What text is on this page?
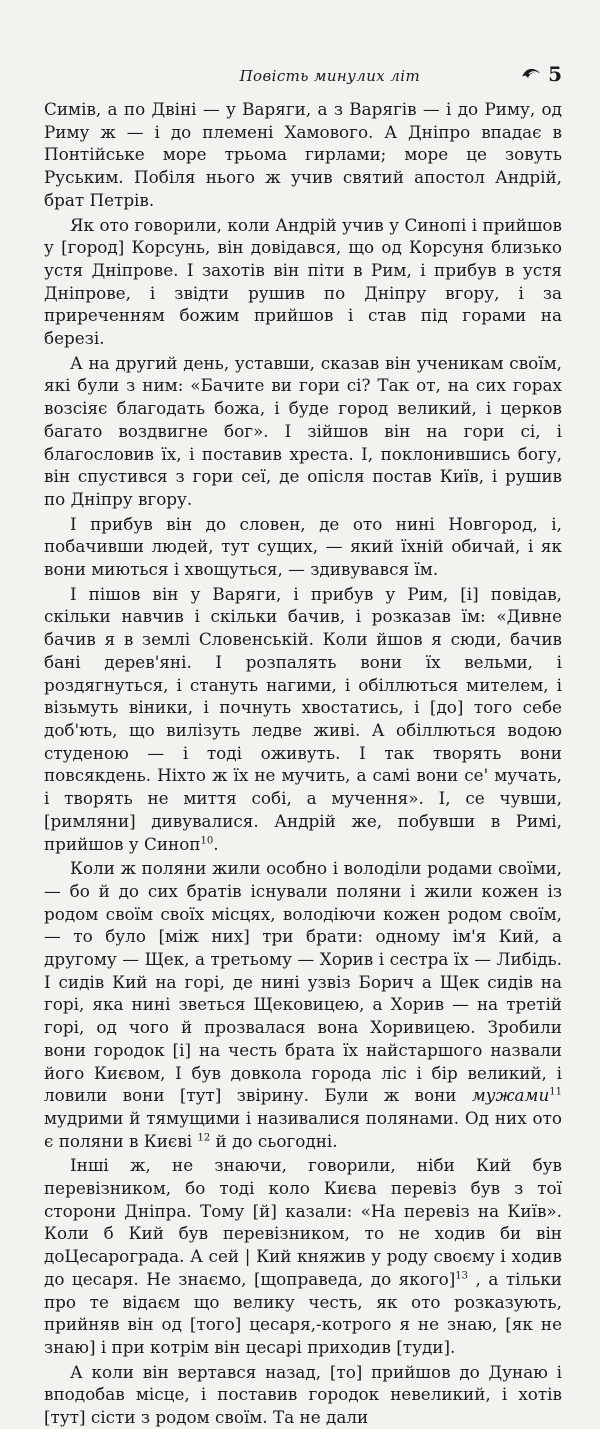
Повість минулих літ	5

Симів, а по Двіні — у Варяги, а з Варягів — і до Риму, од Риму ж — і до племені Хамового. А Дніпро впадає в Понтійське море трьома гирлами; море це зовуть Руським. Побіля нього ж учив святий апостол Андрій, брат Петрів.

Як ото говорили, коли Андрій учив у Синопі і прийшов у [город] Корсунь, він довідався, що од Корсуня близько устя Дніпрове. І захотів він піти в Рим, і прибув в устя Дніпрове, і звідти рушив по Дніпру вгору, і за приреченням божим прийшов і став під горами на березі.

А на другий день, уставши, сказав він ученикам своїм, які були з ним: «Бачите ви гори сі? Так от, на сих горах возсіяє благодать божа, і буде город великий, і церков багато воздвигне бог». І зійшов він на гори сі, і благословив їх, і поставив хреста. І, поклонившись богу, він спустився з гори сеї, де опісля постав Київ, і рушив по Дніпру вгору.

І прибув він до словен, де ото нині Новгород, і, побачивши людей, тут сущих, — який їхній обичай, і як вони миються і хвощуться, — здивувався їм.

І пішов він у Варяги, і прибув у Рим, [і] повідав, скільки навчив і скільки бачив, і розказав їм: «Дивне бачив я в землі Словенській. Коли йшов я сюди, бачив бані дерев'яні. І розпалять вони їх вельми, і роздягнуться, і стануть нагими, і обіллються мителем, і візьмуть віники, і почнуть хвостатись, і [до] того себе доб'ють, що вилізуть ледве живі. А обіллються водою студеною — і тоді оживуть. І так творять вони повсякдень. Ніхто ж їх не мучить, а самі вони се' мучать, і творять не миття собі, а мучення». І, се чувши, [римляни] дивувалися. Андрій же, побувши в Римі, прийшов у Синоп$^{10}$.

Коли ж поляни жили особно і володіли родами своїми, — бо й до сих братів існували поляни і жили кожен із родом своїм своїх місцях, володіючи кожен родом своїм, — то було [між них] три брати: одному ім'я Кий, а другому — Щек, а третьому — Хорив і сестра їх — Либідь. І сидів Кий на горі, де нині узвіз Борич а Щек сидів на горі, яка нині зветься Щековицею, а Хорив — на третій горі, од чого й прозвалася вона Хоривицею. Зробили вони городок [і] на честь брата їх найстаршого назвали його Києвом, І був довкола города ліс і бір великий, і ловили вони [тут] звірину. Були ж вони мужами$^{11}$ мудрими й тямущими і називалися полянами. Од них ото є поляни в Києві $^{12}$ й до сьогодні.

Інші ж, не знаючи, говорили, ніби Кий був перевізником, бо тоді коло Києва перевіз був з тої сторони Дніпра. Тому [й] казали: «На перевіз на Київ». Коли б Кий був перевізником, то не ходив би він доЦесарограда. А сей | Кий княжив у роду своєму і ходив до цесаря. Не знаємо, [щоправеда, до якого]$^{13}$ , а тільки про те відаєм що велику честь, як ото розказують, прийняв він од [того] цесаря,-котрого я не знаю, [як не знаю] і при котрім він цесарі приходив [туди].

А коли він вертався назад, [то] прийшов до Дунаю і вподобав місце, і поставив городок невеликий, і хотів [тут] сісти з родом своїм. Та не дали
